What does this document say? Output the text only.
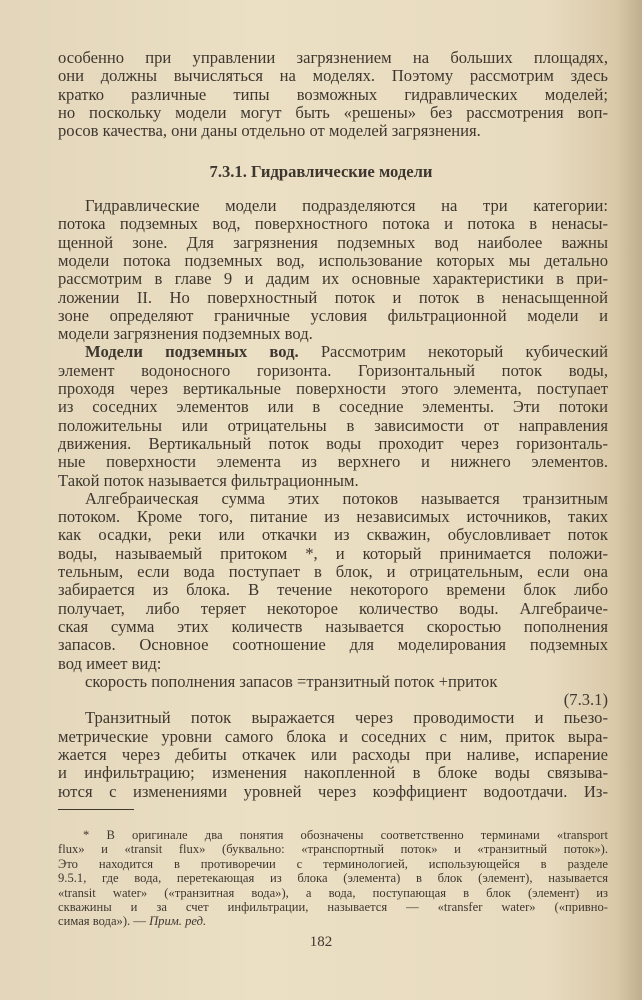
7.3.1. Гидравлические модели
182
особенно при управлении загрязнением на больших площадях,
они должны вычисляться на моделях. Поэтому рассмотрим здесь
кратко различные типы возможных гидравлических моделей;
но поскольку модели могут быть «решены» без рассмотрения воп-
росов качества, они даны отдельно от моделей загрязнения.
Гидравлические модели подразделяются на три категории:
потока подземных вод, поверхностного потока и потока в ненасы-
щенной зоне. Для загрязнения подземных вод наиболее важны
модели потока подземных вод, использование которых мы детально
рассмотрим в главе 9 и дадим их основные характеристики в при-
ложении II. Но поверхностный поток и поток в ненасыщенной
зоне определяют граничные условия фильтрационной модели и
модели загрязнения подземных вод.
Модели подземных вод. Рассмотрим некоторый кубический
элемент водоносного горизонта. Горизонтальный поток воды,
проходя через вертикальные поверхности этого элемента, поступает
из соседних элементов или в соседние элементы. Эти потоки
положительны или отрицательны в зависимости от направления
движения. Вертикальный поток воды проходит через горизонталь-
ные поверхности элемента из верхнего и нижнего элементов.
Такой поток называется фильтрационным.
Алгебраическая сумма этих потоков называется транзитным
потоком. Кроме того, питание из независимых источников, таких
как осадки, реки или откачки из скважин, обусловливает поток
воды, называемый притоком *, и который принимается положи-
тельным, если вода поступает в блок, и отрицательным, если она
забирается из блока. В течение некоторого времени блок либо
получает, либо теряет некоторое количество воды. Алгебраиче-
ская сумма этих количеств называется скоростью пополнения
запасов. Основное соотношение для моделирования подземных
вод имеет вид:
скорость пополнения запасов =транзитный поток +приток
(7.3.1)
Транзитный поток выражается через проводимости и пьезо-
метрические уровни самого блока и соседних с ним, приток выра-
жается через дебиты откачек или расходы при наливе, испарение
и инфильтрацию; изменения накопленной в блоке воды связыва-
ются с изменениями уровней через коэффициент водоотдачи. Из-
* В оригинале два понятия обозначены соответственно терминами «transport
flux» и «transit flux» (буквально: «транспортный поток» и «транзитный поток»).
Это находится в противоречии с терминологией, использующейся в разделе
9.5.1, где вода, перетекающая из блока (элемента) в блок (элемент), называется
«transit water» («транзитная вода»), а вода, поступающая в блок (элемент) из
скважины и за счет инфильтрации, называется — «transfer water» («привно-
симая вода»). — Прим. ред.
